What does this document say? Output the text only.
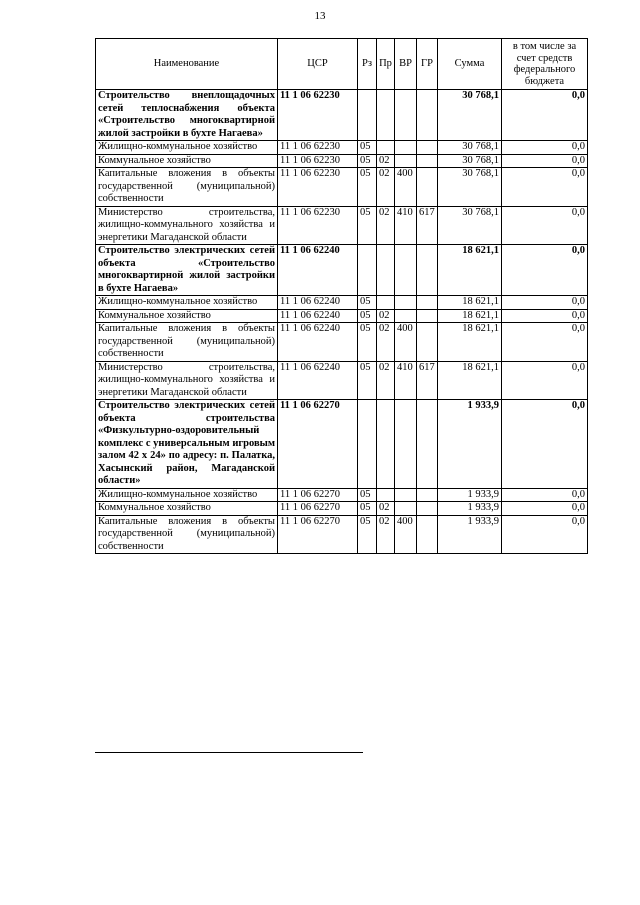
13
Наименование	ЦСР	Рз	Пр	ВР	ГР	Сумма	в том числе за счет средств федерального бюджета
Строительство внеплощадочных сетей теплоснабжения объекта «Строительство многоквартирной жилой застройки в бухте Нагаева»	11 1 06 62230					30 768,1	0,0
Жилищно-коммунальное хозяйство	11 1 06 62230	05				30 768,1	0,0
Коммунальное хозяйство	11 1 06 62230	05	02			30 768,1	0,0
Капитальные вложения в объекты государственной (муниципальной) собственности	11 1 06 62230	05	02	400		30 768,1	0,0
Министерство строительства, жилищно-коммунального хозяйства и энергетики Магаданской области	11 1 06 62230	05	02	410	617	30 768,1	0,0
Строительство электрических сетей объекта «Строительство многоквартирной жилой застройки в бухте Нагаева»	11 1 06 62240					18 621,1	0,0
Жилищно-коммунальное хозяйство	11 1 06 62240	05				18 621,1	0,0
Коммунальное хозяйство	11 1 06 62240	05	02			18 621,1	0,0
Капитальные вложения в объекты государственной (муниципальной) собственности	11 1 06 62240	05	02	400		18 621,1	0,0
Министерство строительства, жилищно-коммунального хозяйства и энергетики Магаданской области	11 1 06 62240	05	02	410	617	18 621,1	0,0
Строительство электрических сетей объекта строительства «Физкультурно-оздоровительный комплекс с универсальным игровым залом 42 х 24» по адресу: п. Палатка, Хасынский район, Магаданской области»	11 1 06 62270					1 933,9	0,0
Жилищно-коммунальное хозяйство	11 1 06 62270	05				1 933,9	0,0
Коммунальное хозяйство	11 1 06 62270	05	02			1 933,9	0,0
Капитальные вложения в объекты государственной (муниципальной) собственности	11 1 06 62270	05	02	400		1 933,9	0,0
